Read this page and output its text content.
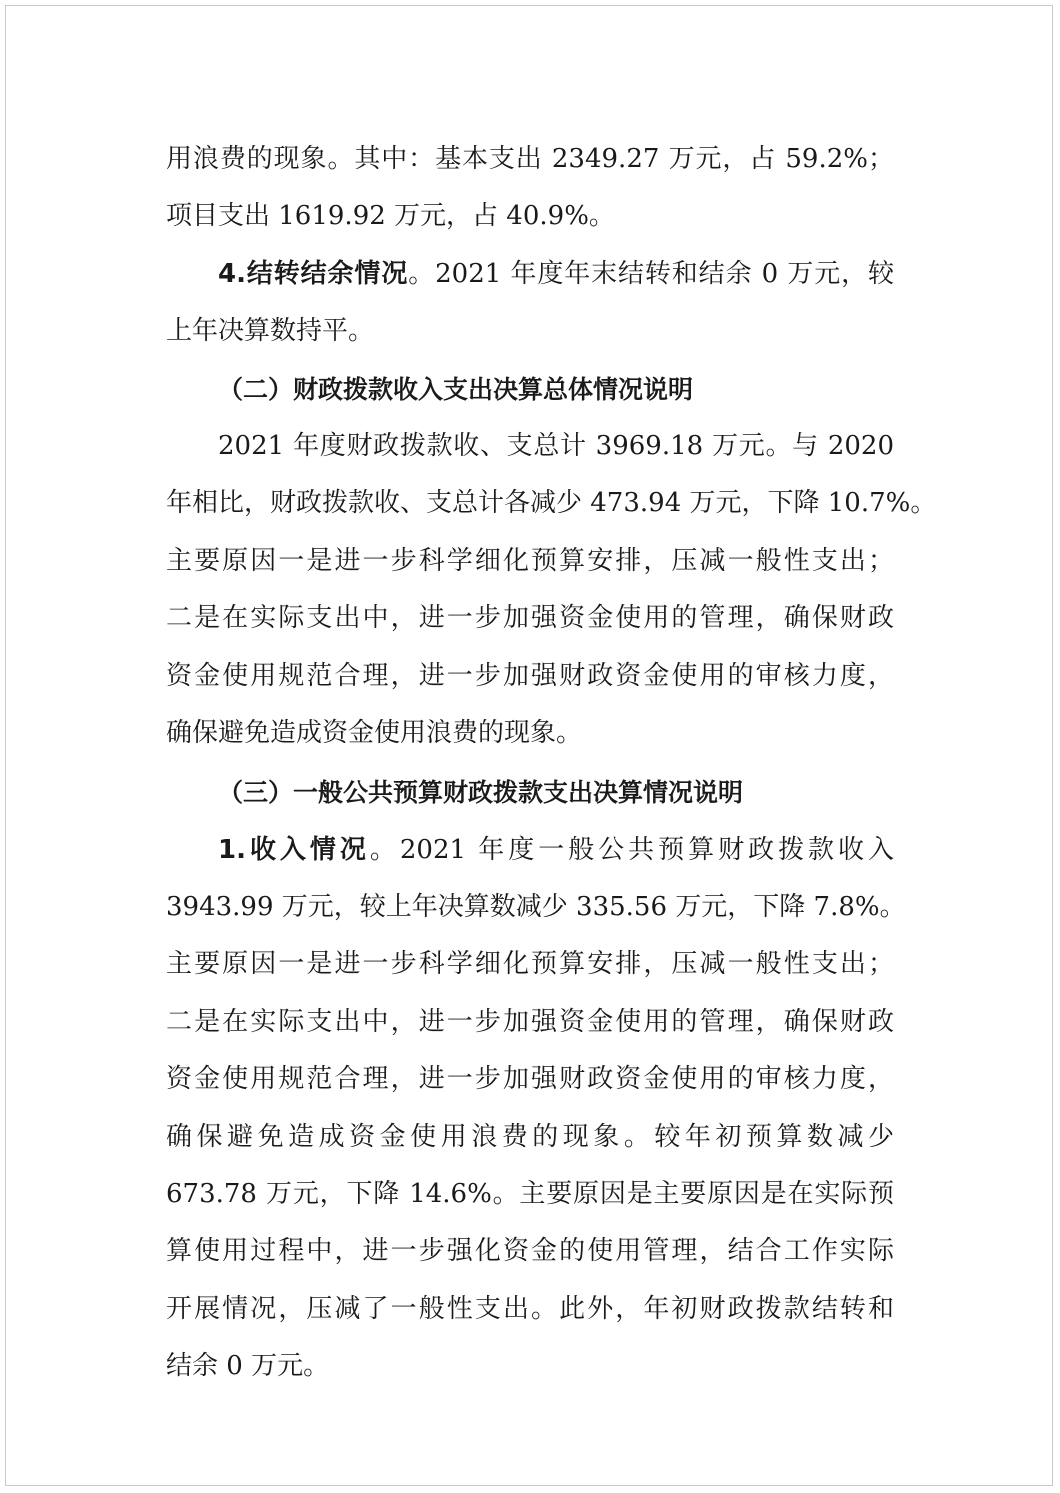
用浪费的现象。其中：基本支出 2349.27 万元，占 59.2%；
项目支出 1619.92 万元，占 40.9%。
4.结转结余情况。2021 年度年末结转和结余 0 万元，较
上年决算数持平。
（二）财政拨款收入支出决算总体情况说明
2021 年度财政拨款收、支总计 3969.18 万元。与 2020
年相比，财政拨款收、支总计各减少 473.94 万元，下降 10.7%。
主要原因一是进一步科学细化预算安排，压减一般性支出；
二是在实际支出中，进一步加强资金使用的管理，确保财政
资金使用规范合理，进一步加强财政资金使用的审核力度，
确保避免造成资金使用浪费的现象。
（三）一般公共预算财政拨款支出决算情况说明
1.收入情况。2021 年度一般公共预算财政拨款收入
3943.99 万元，较上年决算数减少 335.56 万元，下降 7.8%。
主要原因一是进一步科学细化预算安排，压减一般性支出；
二是在实际支出中，进一步加强资金使用的管理，确保财政
资金使用规范合理，进一步加强财政资金使用的审核力度，
确保避免造成资金使用浪费的现象。较年初预算数减少
673.78 万元，下降 14.6%。主要原因是主要原因是在实际预
算使用过程中，进一步强化资金的使用管理，结合工作实际
开展情况，压减了一般性支出。此外，年初财政拨款结转和
结余 0 万元。
